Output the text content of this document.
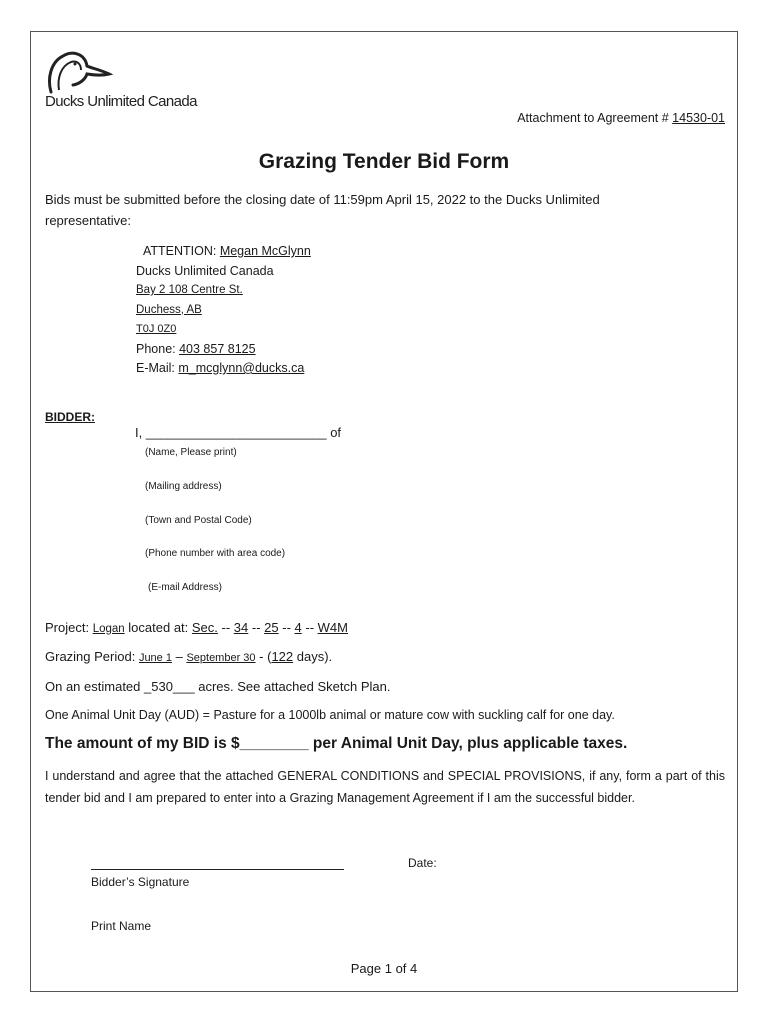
Ducks Unlimited Canada
Attachment to Agreement # 14530-01
Grazing Tender Bid Form
Bids must be submitted before the closing date of 11:59pm April 15, 2022 to the Ducks Unlimited
representative:
ATTENTION: Megan McGlynn
Ducks Unlimited Canada
Bay 2 108 Centre St.
Duchess, AB
T0J 0Z0
Phone: 403 857 8125
E-Mail: m_mcglynn@ducks.ca
BIDDER:
I, _________________________ of
(Name, Please print)
(Mailing address)
(Town and Postal Code)
(Phone number with area code)
(E-mail Address)
Project: Logan located at: Sec. -- 34 -- 25 -- 4 -- W4M
Grazing Period: June 1 – September 30 - (122 days).
On an estimated _530___ acres. See attached Sketch Plan.
One Animal Unit Day (AUD) = Pasture for a 1000lb animal or mature cow with suckling calf for one day.
The amount of my BID is $________ per Animal Unit Day, plus applicable taxes.
I understand and agree that the attached GENERAL CONDITIONS and SPECIAL PROVISIONS, if any, form a part of this tender bid and I am prepared to enter into a Grazing Management Agreement if I am the successful bidder.
Date:
Bidder’s Signature
Print Name
Page 1 of 4
